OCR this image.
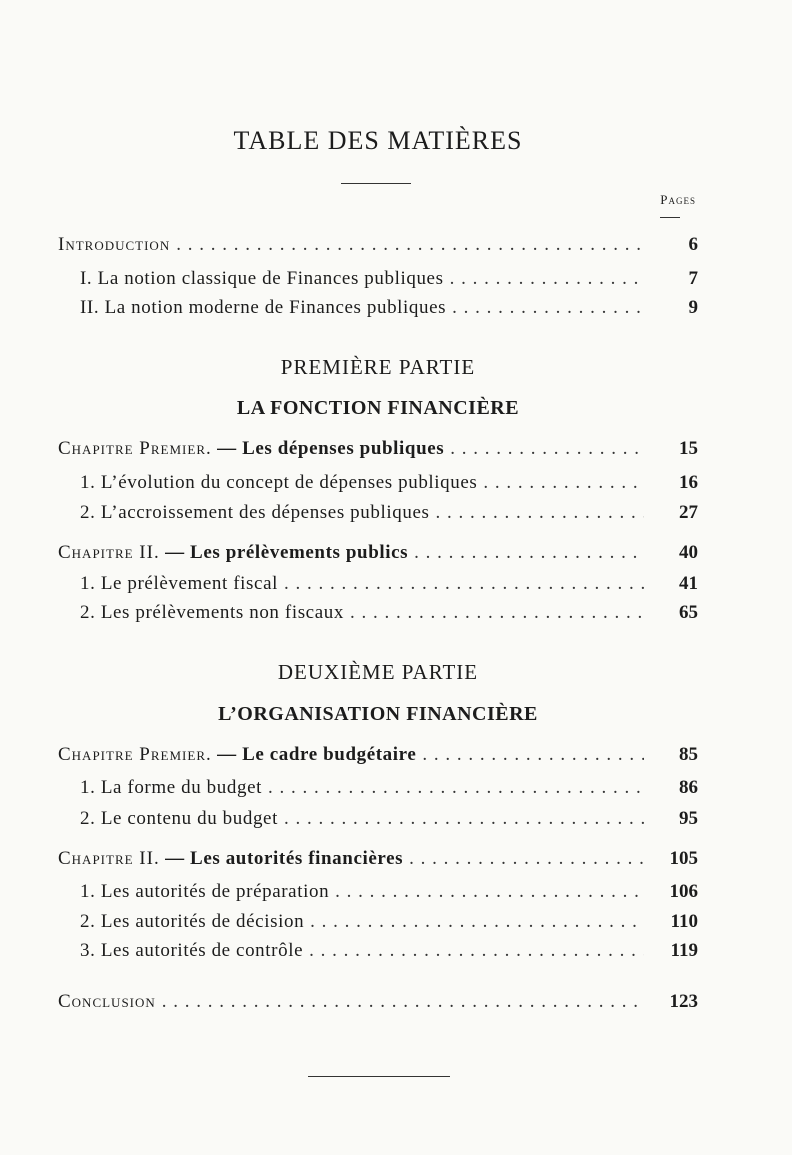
TABLE DES MATIÈRES
Pages
Introduction . . .	6
I. La notion classique de Finances publiques . . .	7
II. La notion moderne de Finances publiques . . .	9
PREMIÈRE PARTIE
LA FONCTION FINANCIÈRE
Chapitre Premier. — Les dépenses publiques . . .	15
1. L’évolution du concept de dépenses publiques . . .	16
2. L’accroissement des dépenses publiques . . .	27
Chapitre II. — Les prélèvements publics . . .	40
1. Le prélèvement fiscal . . .	41
2. Les prélèvements non fiscaux . . .	65
DEUXIÈME PARTIE
L’ORGANISATION FINANCIÈRE
Chapitre Premier. — Le cadre budgétaire . . .	85
1. La forme du budget . . .	86
2. Le contenu du budget . . .	95
Chapitre II. — Les autorités financières . . .	105
1. Les autorités de préparation . . .	106
2. Les autorités de décision . . .	110
3. Les autorités de contrôle . . .	119
Conclusion . . .	123
